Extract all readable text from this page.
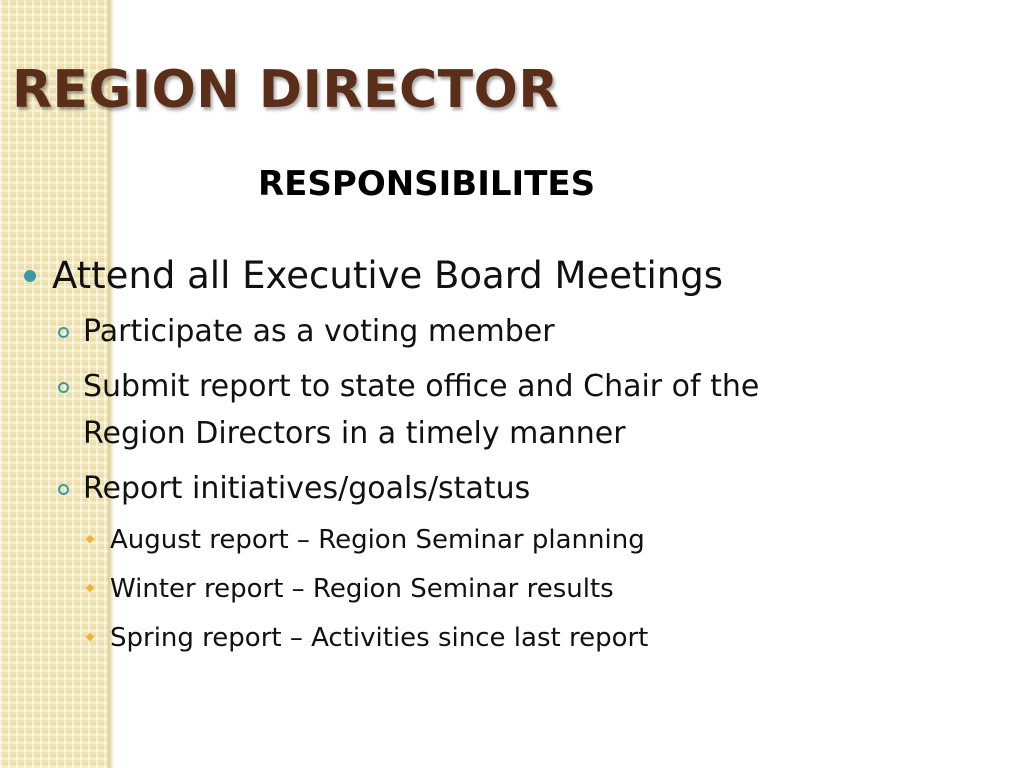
REGION DIRECTOR
RESPONSIBILITES
Attend all Executive Board Meetings
Participate as a voting member
Submit report to state office and Chair of the Region Directors in a timely manner
Report initiatives/goals/status
August report – Region Seminar planning
Winter report – Region Seminar results
Spring report – Activities since last report
